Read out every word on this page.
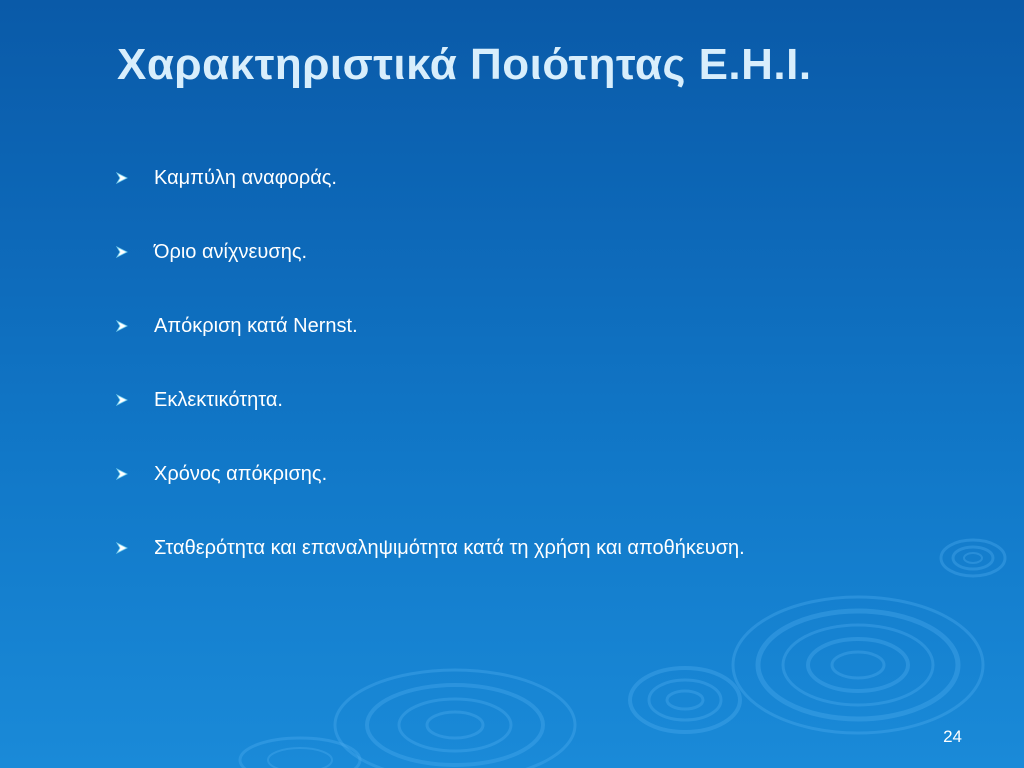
Χαρακτηριστικά Ποιότητας Ε.Η.Ι.
Καμπύλη αναφοράς.
Όριο ανίχνευσης.
Απόκριση κατά Nernst.
Εκλεκτικότητα.
Χρόνος απόκρισης.
Σταθερότητα και επαναληψιμότητα κατά τη χρήση και αποθήκευση.
24
